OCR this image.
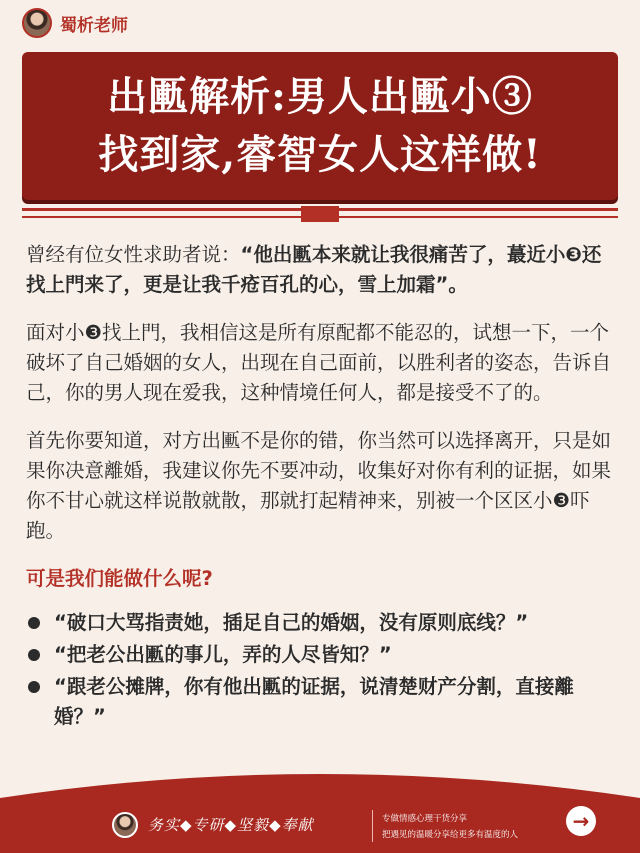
蜀析老师
出匭解析:男人出匭小③
找到家,睿智女人这样做!

曾经有位女性求助者说：“他出匭本来就让我很痛苦了，蕞近小❸还找上門来了，更是让我千疮百孔的心，雪上加霜”。

面对小❸找上門，我相信这是所有原配都不能忍的，试想一下，一个破坏了自己婚姻的女人，出现在自己面前，以胜利者的姿态，告诉自己，你的男人现在爱我，这种情境任何人，都是接受不了的。

首先你要知道，对方出匭不是你的错，你当然可以选择离开，只是如果你决意離婚，我建议你先不要冲动，收集好对你有利的证据，如果你不甘心就这样说散就散，那就打起精神来，别被一个区区小❸吓跑。

可是我们能做什么呢?
“破口大骂指责她，插足自己的婚姻，没有原则底线？”
“把老公出匭的事儿，弄的人尽皆知？”
“跟老公摊牌，你有他出匭的证据，说清楚财产分割，直接離婚？”
务实◆专研◆坚毅◆奉献	专做情感心理干货分享
把遇见的温暖分享给更多有温度的人
→
